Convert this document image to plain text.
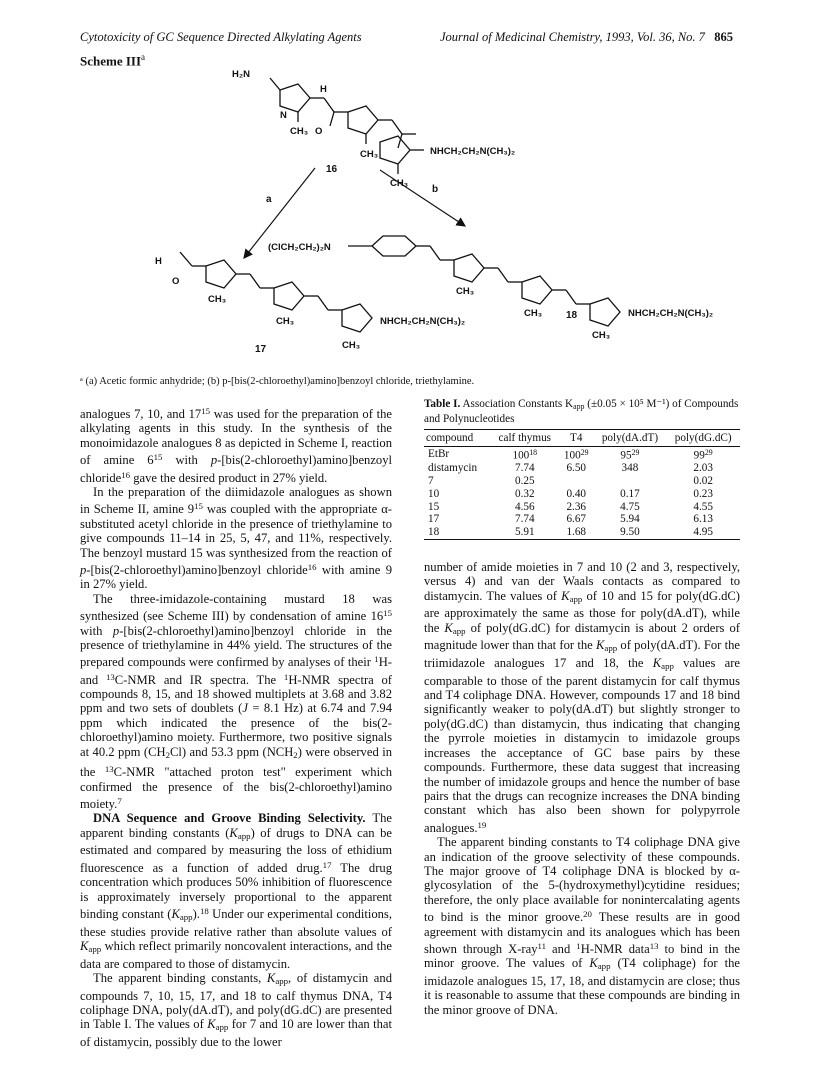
Cytotoxicity of GC Sequence Directed Alkylating Agents	Journal of Medicinal Chemistry, 1993, Vol. 36, No. 7 865
Scheme III$^a$
H₂N
N
CH₃ O
H
CH₃
16
NHCH₂CH₂N(CH₃)₂
CH₃
a
b
H
O
CH₃
CH₃	NHCH₂CH₂N(CH₃)₂
CH₃
17
(ClCH₂CH₂)₂N
CH₃
CH₃ 18
CH₃
NHCH₂CH₂N(CH₃)₂
ᵃ (a) Acetic formic anhydride; (b) p-[bis(2-chloroethyl)amino]benzoyl chloride, triethylamine.
Table I. Association Constants $K_{app}$ (±0.05 × 10⁵ M⁻¹) of Compounds and Polynucleotides
compound	calf thymus	T4	poly(dA.dT)	poly(dG.dC)
EtBr	$100^{18}$	$100^{29}$	$95^{29}$	$99^{29}$
distamycin	7.74	6.50	348	2.03
7	0.25			0.02
10	0.32	0.40	0.17	0.23
15	4.56	2.36	4.75	4.55
17	7.74	6.67	5.94	6.13
18	5.91	1.68	9.50	4.95

analogues 7, 10, and $17^{15}$ was used for the preparation of the alkylating agents in this study. In the synthesis of the monoimidazole analogues 8 as depicted in Scheme I, reaction of amine $6^{15}$ with p-[bis(2-chloroethyl)amino]benzoyl chloride$^{16}$ gave the desired product in 27% yield.

In the preparation of the diimidazole analogues as shown in Scheme II, amine $9^{15}$ was coupled with the appropriate α-substituted acetyl chloride in the presence of triethylamine to give compounds 11–14 in 25, 5, 47, and 11%, respectively. The benzoyl mustard 15 was synthesized from the reaction of p-[bis(2-chloroethyl)amino]benzoyl chloride$^{16}$ with amine 9 in 27% yield.

The three-imidazole-containing mustard 18 was synthesized (see Scheme III) by condensation of amine $16^{15}$ with p-[bis(2-chloroethyl)amino]benzoyl chloride in the presence of triethylamine in 44% yield. The structures of the prepared compounds were confirmed by analyses of their $^1$H- and $^{13}$C-NMR and IR spectra. The $^1$H-NMR spectra of compounds 8, 15, and 18 showed multiplets at 3.68 and 3.82 ppm and two sets of doublets (J = 8.1 Hz) at 6.74 and 7.94 ppm which indicated the presence of the bis(2-chloroethyl)amino moiety. Furthermore, two positive signals at 40.2 ppm $(CH_2Cl)$ and 53.3 ppm $(NCH_2)$ were observed in the $^{13}$C-NMR "attached proton test" experiment which confirmed the presence of the bis(2-chloroethyl)amino moiety.$^7$

DNA Sequence and Groove Binding Selectivity. The apparent binding constants $(K_{app})$ of drugs to DNA can be estimated and compared by measuring the loss of ethidium fluorescence as a function of added drug.$^{17}$ The drug concentration which produces 50% inhibition of fluorescence is approximately inversely proportional to the apparent binding constant $(K_{app}).^{18}$ Under our experimental conditions, these studies provide relative rather than absolute values of $K_{app}$ which reflect primarily noncovalent interactions, and the data are compared to those of distamycin.

The apparent binding constants, $K_{app}$, of distamycin and compounds 7, 10, 15, 17, and 18 to calf thymus DNA, T4 coliphage DNA, poly(dA.dT), and poly(dG.dC) are presented in Table I. The values of $K_{app}$ for 7 and 10 are lower than that of distamycin, possibly due to the lower

number of amide moieties in 7 and 10 (2 and 3, respectively, versus 4) and van der Waals contacts as compared to distamycin. The values of $K_{app}$ of 10 and 15 for poly(dG.dC) are approximately the same as those for poly(dA.dT), while the $K_{app}$ of poly(dG.dC) for distamycin is about 2 orders of magnitude lower than that for the $K_{app}$ of poly(dA.dT). For the triimidazole analogues 17 and 18, the $K_{app}$ values are comparable to those of the parent distamycin for calf thymus and T4 coliphage DNA. However, compounds 17 and 18 bind significantly weaker to poly(dA.dT) but slightly stronger to poly(dG.dC) than distamycin, thus indicating that changing the pyrrole moieties in distamycin to imidazole groups increases the acceptance of GC base pairs by these compounds. Furthermore, these data suggest that increasing the number of imidazole groups and hence the number of base pairs that the drugs can recognize increases the DNA binding constant which has also been shown for polypyrrole analogues.$^{19}$

The apparent binding constants to T4 coliphage DNA give an indication of the groove selectivity of these compounds. The major groove of T4 coliphage DNA is blocked by α-glycosylation of the 5-(hydroxymethyl)cytidine residues; therefore, the only place available for nonintercalating agents to bind is the minor groove.$^{20}$ These results are in good agreement with distamycin and its analogues which has been shown through X-ray$^{11}$ and $^1$H-NMR data$^{13}$ to bind in the minor groove. The values of $K_{app}$ (T4 coliphage) for the imidazole analogues 15, 17, 18, and distamycin are close; thus it is reasonable to assume that these compounds are binding in the minor groove of DNA.
